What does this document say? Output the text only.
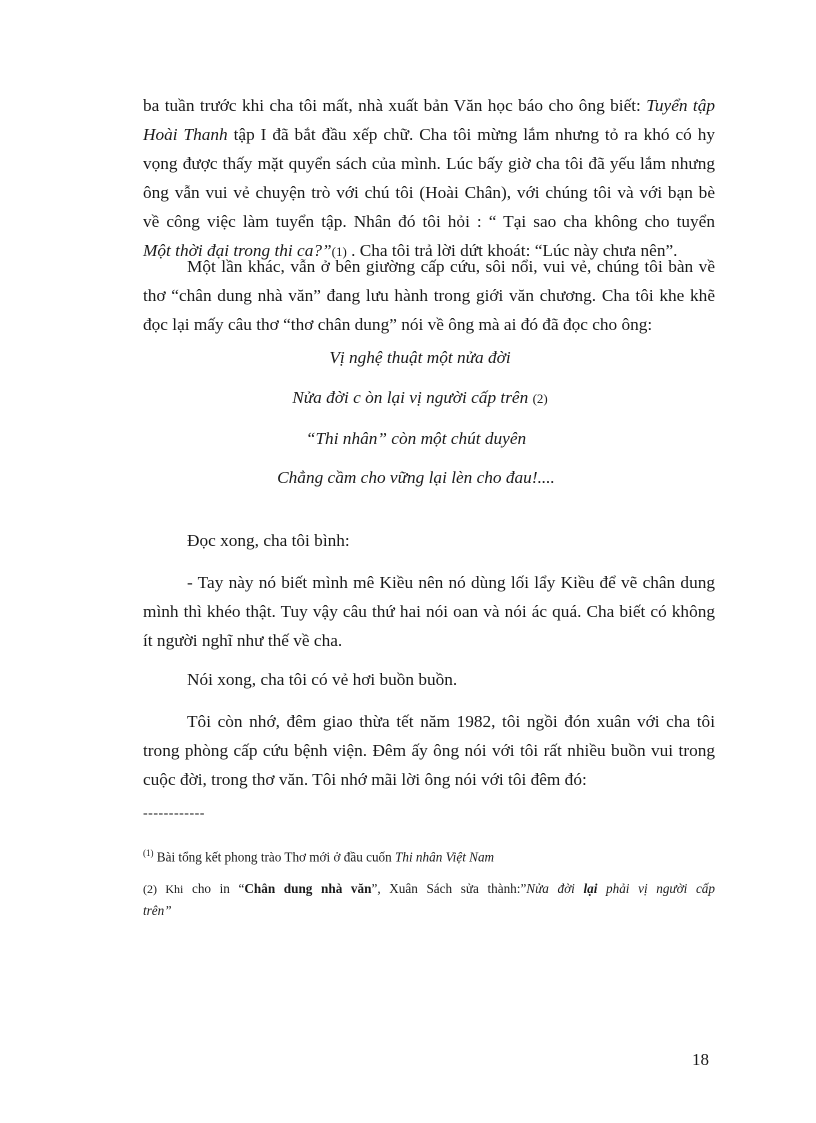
ba tuần trước khi cha tôi mất, nhà xuất bản Văn học báo cho ông biết: Tuyển tập
Hoài Thanh tập I đã bắt đầu xếp chữ. Cha tôi mừng lắm nhưng tỏ ra khó có hy
vọng được thấy mặt quyển sách của mình. Lúc bấy giờ cha tôi đã yếu lắm nhưng
ông vẫn vui vẻ chuyện trò với chú tôi (Hoài Chân), với chúng tôi và với bạn bè
về công việc làm tuyển tập. Nhân đó tôi hỏi : “ Tại sao cha không cho tuyển
Một thời đại trong thi ca?”(1) . Cha tôi trả lời dứt khoát: “Lúc này chưa nên”.
Một lần khác, vẫn ở bên giường cấp cứu, sôi nổi, vui vẻ, chúng tôi bàn về
thơ “chân dung nhà văn” đang lưu hành trong giới văn chương. Cha tôi khe khẽ
đọc lại mấy câu thơ “thơ chân dung” nói về ông mà ai đó đã đọc cho ông:
Vị nghệ thuật một nửa đời
Nửa đời c òn lại vị người cấp trên (2)
“Thi nhân” còn một chút duyên
Chẳng cầm cho vững lại lèn cho đau!....
Đọc xong, cha tôi bình:
- Tay này nó biết mình mê Kiều nên nó dùng lối lẩy Kiều để vẽ chân dung
mình thì khéo thật. Tuy vậy câu thứ hai nói oan và nói ác quá. Cha biết có không
ít người nghĩ như thế về cha.
Nói xong, cha tôi có vẻ hơi buồn buồn.
Tôi còn nhớ, đêm giao thừa tết năm 1982, tôi ngồi đón xuân với cha tôi
trong phòng cấp cứu bệnh viện. Đêm ấy ông nói với tôi rất nhiều buồn vui trong
cuộc đời, trong thơ văn. Tôi nhớ mãi lời ông nói với tôi đêm đó:
------------
$^{(1)}$ Bài tổng kết phong trào Thơ mới ở đầu cuốn Thi nhân Việt Nam
(2) Khi cho in “Chân dung nhà văn”, Xuân Sách sửa thành:”Nửa đời lại phải vị người cấp
trên”
18
